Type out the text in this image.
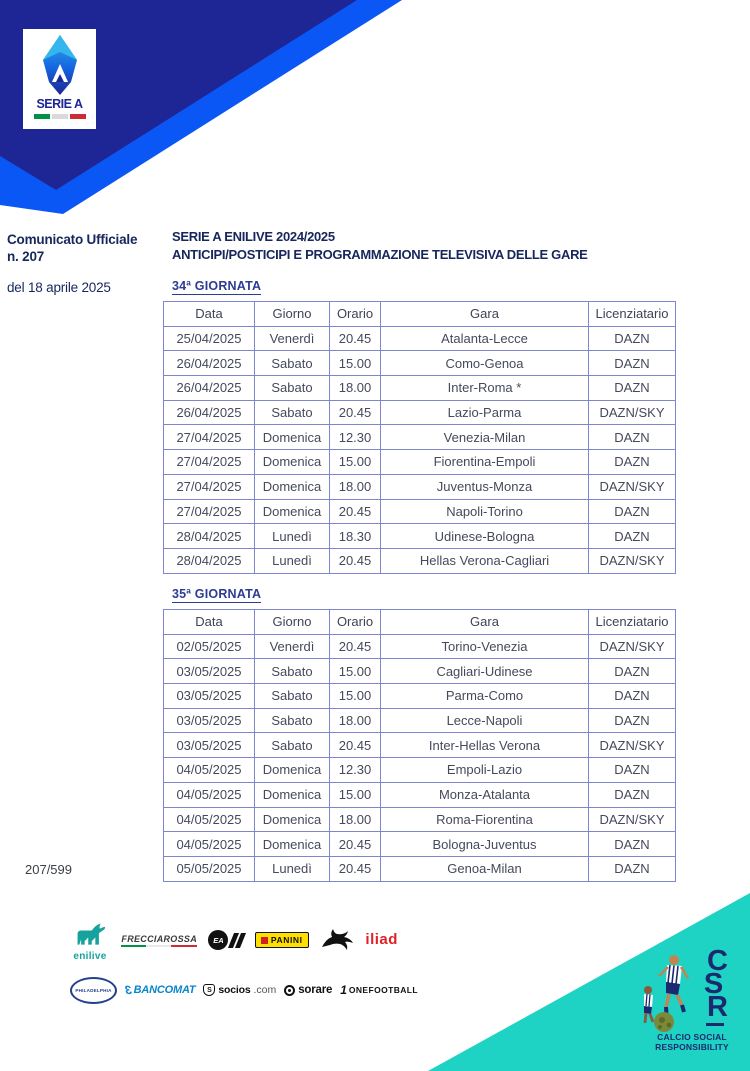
SERIE A
Comunicato Ufficiale
n. 207
del 18 aprile 2025
SERIE A ENILIVE 2024/2025
ANTICIPI/POSTICIPI E PROGRAMMAZIONE TELEVISIVA DELLE GARE
34ª GIORNATA
Data	Giorno	Orario	Gara	Licenziatario
25/04/2025	Venerdì	20.45	Atalanta-Lecce	DAZN
26/04/2025	Sabato	15.00	Como-Genoa	DAZN
26/04/2025	Sabato	18.00	Inter-Roma *	DAZN
26/04/2025	Sabato	20.45	Lazio-Parma	DAZN/SKY
27/04/2025	Domenica	12.30	Venezia-Milan	DAZN
27/04/2025	Domenica	15.00	Fiorentina-Empoli	DAZN
27/04/2025	Domenica	18.00	Juventus-Monza	DAZN/SKY
27/04/2025	Domenica	20.45	Napoli-Torino	DAZN
28/04/2025	Lunedì	18.30	Udinese-Bologna	DAZN
28/04/2025	Lunedì	20.45	Hellas Verona-Cagliari	DAZN/SKY
35ª GIORNATA
Data	Giorno	Orario	Gara	Licenziatario
02/05/2025	Venerdì	20.45	Torino-Venezia	DAZN/SKY
03/05/2025	Sabato	15.00	Cagliari-Udinese	DAZN
03/05/2025	Sabato	15.00	Parma-Como	DAZN
03/05/2025	Sabato	18.00	Lecce-Napoli	DAZN
03/05/2025	Sabato	20.45	Inter-Hellas Verona	DAZN/SKY
04/05/2025	Domenica	12.30	Empoli-Lazio	DAZN
04/05/2025	Domenica	15.00	Monza-Atalanta	DAZN
04/05/2025	Domenica	18.00	Roma-Fiorentina	DAZN/SKY
04/05/2025	Domenica	20.45	Bologna-Juventus	DAZN
05/05/2025	Lunedì	20.45	Genoa-Milan	DAZN
207/599
enilive
FRECCIAROSSA	EA	PANINI	iliad
PHILADELPHIA 3 BANCOMAT	S socios .com sorare 1 ONEFOOTBALL
C
S
R
CALCIO SOCIAL
RESPONSIBILITY
